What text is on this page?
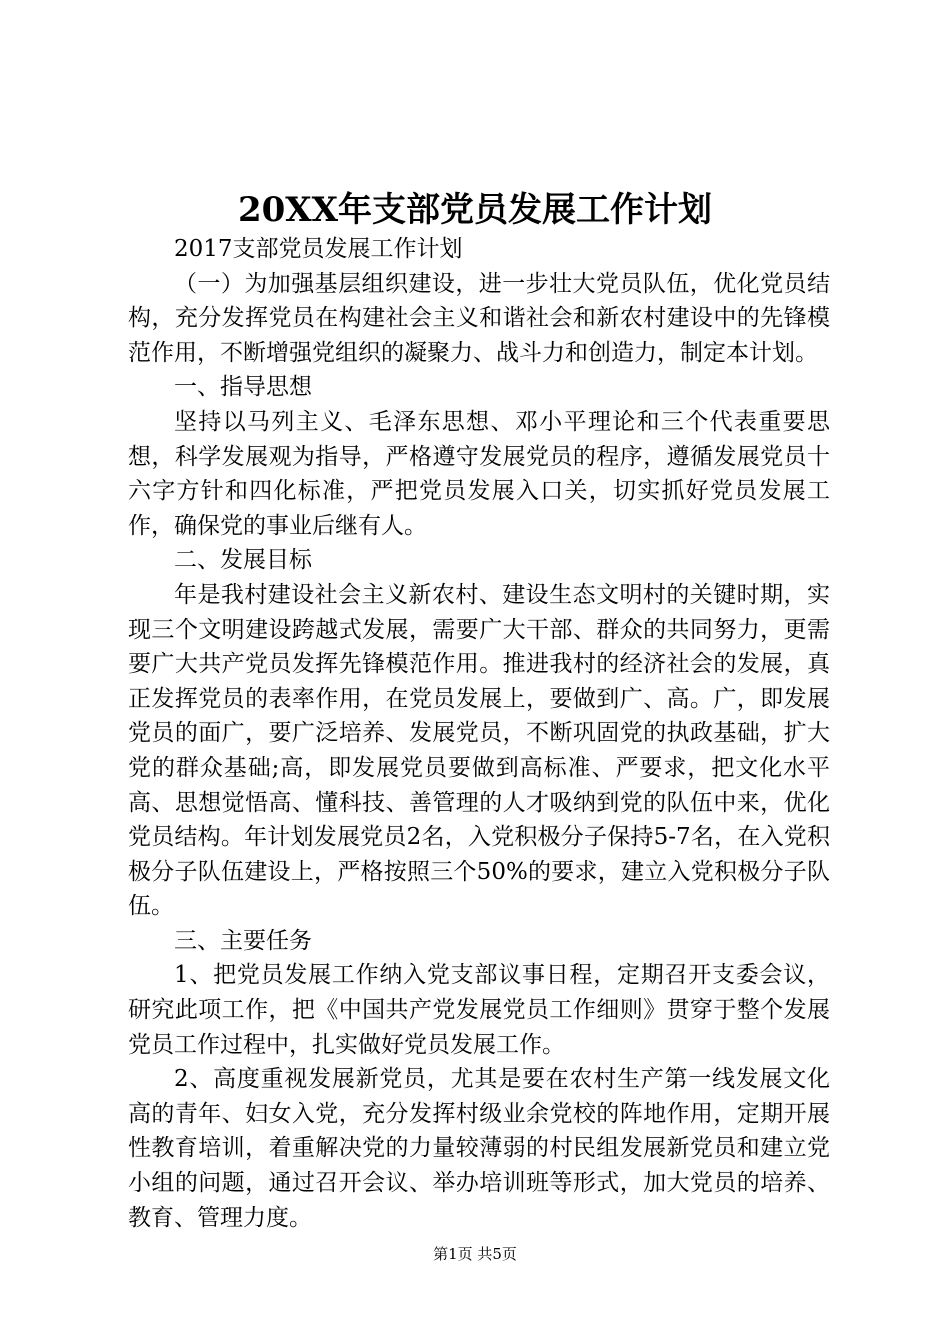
20XX年支部党员发展工作计划

2017支部党员发展工作计划

（一）为加强基层组织建设，进一步壮大党员队伍，优化党员结构，充分发挥党员在构建社会主义和谐社会和新农村建设中的先锋模范作用，不断增强党组织的凝聚力、战斗力和创造力，制定本计划。

一、指导思想

坚持以马列主义、毛泽东思想、邓小平理论和三个代表重要思想，科学发展观为指导，严格遵守发展党员的程序，遵循发展党员十六字方针和四化标准，严把党员发展入口关，切实抓好党员发展工作，确保党的事业后继有人。

二、发展目标

年是我村建设社会主义新农村、建设生态文明村的关键时期，实现三个文明建设跨越式发展，需要广大干部、群众的共同努力，更需要广大共产党员发挥先锋模范作用。推进我村的经济社会的发展，真正发挥党员的表率作用，在党员发展上，要做到广、高。广，即发展党员的面广，要广泛培养、发展党员，不断巩固党的执政基础，扩大党的群众基础;高，即发展党员要做到高标准、严要求，把文化水平高、思想觉悟高、懂科技、善管理的人才吸纳到党的队伍中来，优化党员结构。年计划发展党员2名，入党积极分子保持5-7名，在入党积极分子队伍建设上，严格按照三个50%的要求，建立入党积极分子队伍。

三、主要任务

1、把党员发展工作纳入党支部议事日程，定期召开支委会议，研究此项工作，把《中国共产党发展党员工作细则》贯穿于整个发展党员工作过程中，扎实做好党员发展工作。

2、高度重视发展新党员，尤其是要在农村生产第一线发展文化高的青年、妇女入党，充分发挥村级业余党校的阵地作用，定期开展性教育培训，着重解决党的力量较薄弱的村民组发展新党员和建立党小组的问题，通过召开会议、举办培训班等形式，加大党员的培养、教育、管理力度。

第1页 共5页
